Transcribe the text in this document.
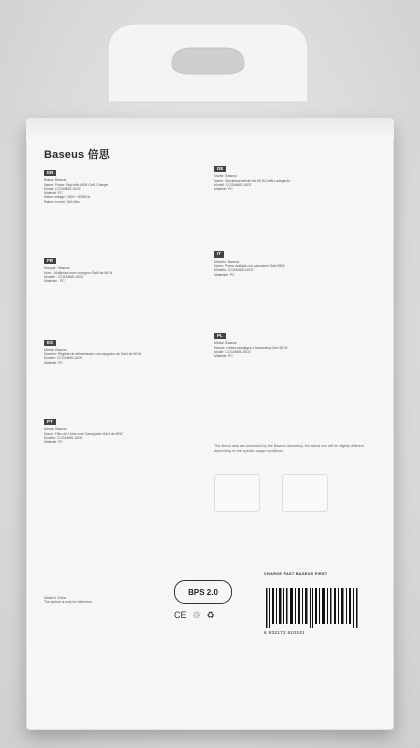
Baseus 倍思
EN
Brand: Baseus
Name: Power Strip with 65W GaN Charger
Model: CCGAN65-16CE
Material: PC
Rated voltage: 250V~ 50/60Hz
Rated current: 16A Max
FR
Marque : Baseus
Nom : Multiprise avec chargeur GaN de 65 W
Modèle : CCGAN65-16CE
Matériau : PC
ES
Marca: Baseus
Nombre: Regleta de alimentación con cargador de GaN de 65 W
Modelo: CCGAN65-16CE
Material: PC
PT
Marca: Baseus
Nome: Filtro de Linha com Carregador GaN de 65W
Modelo: CCGAN65-16CE
Material: PC
DE
Marke: Baseus
Name: Steckdosenleiste mit 65-W-GaN-Ladegerät
Modell: CCGAN65-16CE
Material: PC
IT
Marchio: Baseus
Nome: Presa multipla con caricatore GaN 65W
Modello: CCGAN65-16CE
Materiale: PC
PL
Marka: Baseus
Nazwa: Listwa zasilająca z ładowarką GaN 65 W
Model: CCGAN65-16CE
Materiał: PC
The above data are measured by the Baseus laboratory, the actual use will be slightly different depending on the specific usage conditions.
Made in China
The picture is only for reference.
BPS 2.0
CE ♲ ♻
CHARGE FAST BASEUS FIRST
6 932172 610241
